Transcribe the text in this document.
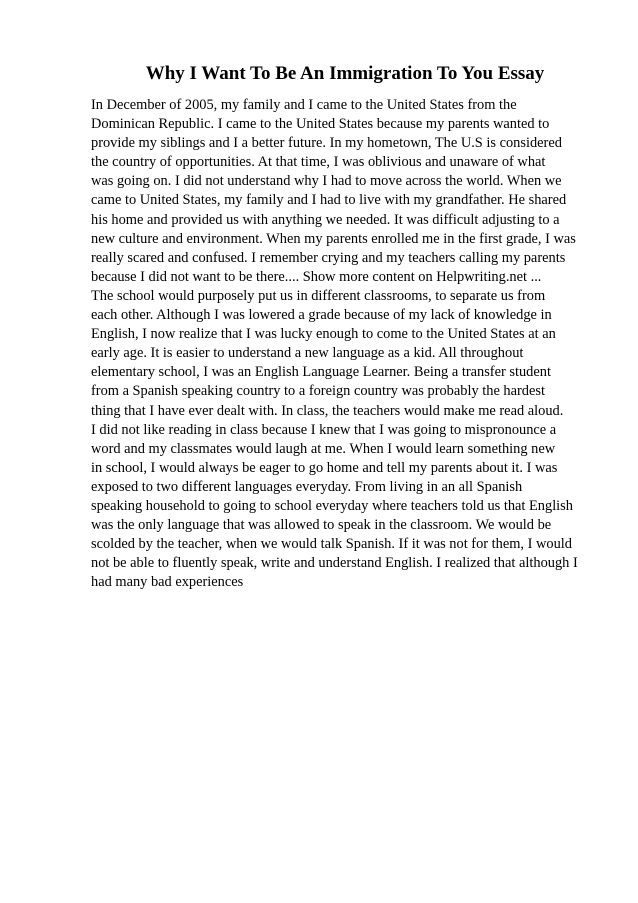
Why I Want To Be An Immigration To You Essay
In December of 2005, my family and I came to the United States from the
Dominican Republic. I came to the United States because my parents wanted to
provide my siblings and I a better future. In my hometown, The U.S is considered
the country of opportunities. At that time, I was oblivious and unaware of what
was going on. I did not understand why I had to move across the world. When we
came to United States, my family and I had to live with my grandfather. He shared
his home and provided us with anything we needed. It was difficult adjusting to a
new culture and environment. When my parents enrolled me in the first grade, I was
really scared and confused. I remember crying and my teachers calling my parents
because I did not want to be there.... Show more content on Helpwriting.net ...
The school would purposely put us in different classrooms, to separate us from
each other. Although I was lowered a grade because of my lack of knowledge in
English, I now realize that I was lucky enough to come to the United States at an
early age. It is easier to understand a new language as a kid. All throughout
elementary school, I was an English Language Learner. Being a transfer student
from a Spanish speaking country to a foreign country was probably the hardest
thing that I have ever dealt with. In class, the teachers would make me read aloud.
I did not like reading in class because I knew that I was going to mispronounce a
word and my classmates would laugh at me. When I would learn something new
in school, I would always be eager to go home and tell my parents about it. I was
exposed to two different languages everyday. From living in an all Spanish
speaking household to going to school everyday where teachers told us that English
was the only language that was allowed to speak in the classroom. We would be
scolded by the teacher, when we would talk Spanish. If it was not for them, I would
not be able to fluently speak, write and understand English. I realized that although I
had many bad experiences
